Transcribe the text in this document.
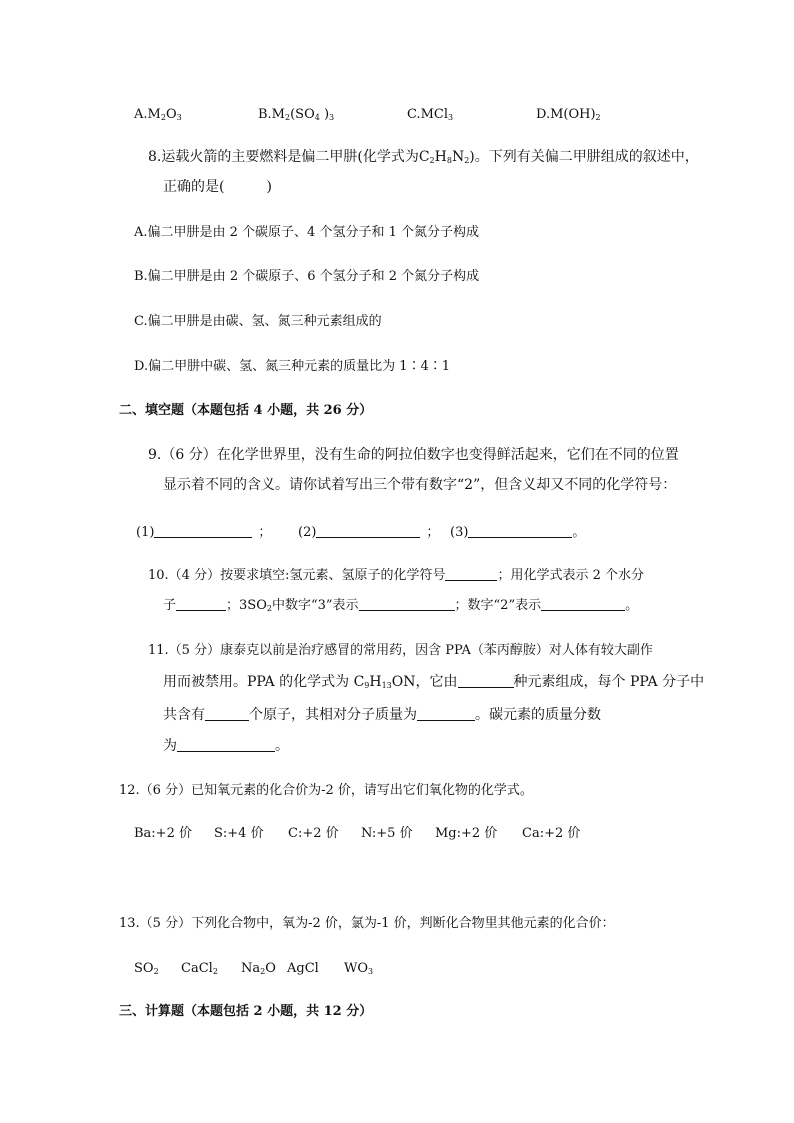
$A.M_2O_3$	$B.M_2(SO_4$ )$_3$	C.MCl$_3$	$D.M(OH)_2$
8.运载火箭的主要燃料是偏二甲肼(化学式为$C_2H_8N_2$)。下列有关偏二甲肼组成的叙述中，
正确的是(　　　)
A.偏二甲肼是由 2 个碳原子、4 个氢分子和 1 个氮分子构成
B.偏二甲肼是由 2 个碳原子、6 个氢分子和 2 个氮分子构成
C.偏二甲肼是由碳、氢、氮三种元素组成的
D.偏二甲肼中碳、氢、氮三种元素的质量比为 1∶4∶1
二、填空题（本题包括 4 小题，共 26 分）
9.（6 分）在化学世界里，没有生命的阿拉伯数字也变得鲜活起来，它们在不同的位置
显示着不同的含义。请你试着写出三个带有数字“2”，但含义却又不同的化学符号：
(1)	； (2)	； (3)	。
10.（4 分）按要求填空:氢元素、氢原子的化学符号	；用化学式表示 2 个水分
子	；$3SO_2$中数字“3”表示	；数字“2”表示	。
11.（5 分）康泰克以前是治疗感冒的常用药，因含 PPA（苯丙醇胺）对人体有较大副作
用而被禁用。PPA 的化学式为 $C_9H_{13}ON$，它由	种元素组成，每个 PPA 分子中
共含有	个原子，其相对分子质量为	。碳元素的质量分数
为	。
12.（6 分）已知氧元素的化合价为-2 价，请写出它们氧化物的化学式。
Ba:+2 价 S:+4 价 C:+2 价 N:+5 价 Mg:+2 价 Ca:+2 价
13.（5 分）下列化合物中，氧为-2 价，氯为-1 价，判断化合物里其他元素的化合价：
$SO_2$ CaCl$_2$ $Na_2O$ AgCl $WO_3$
三、计算题（本题包括 2 小题，共 12 分）
